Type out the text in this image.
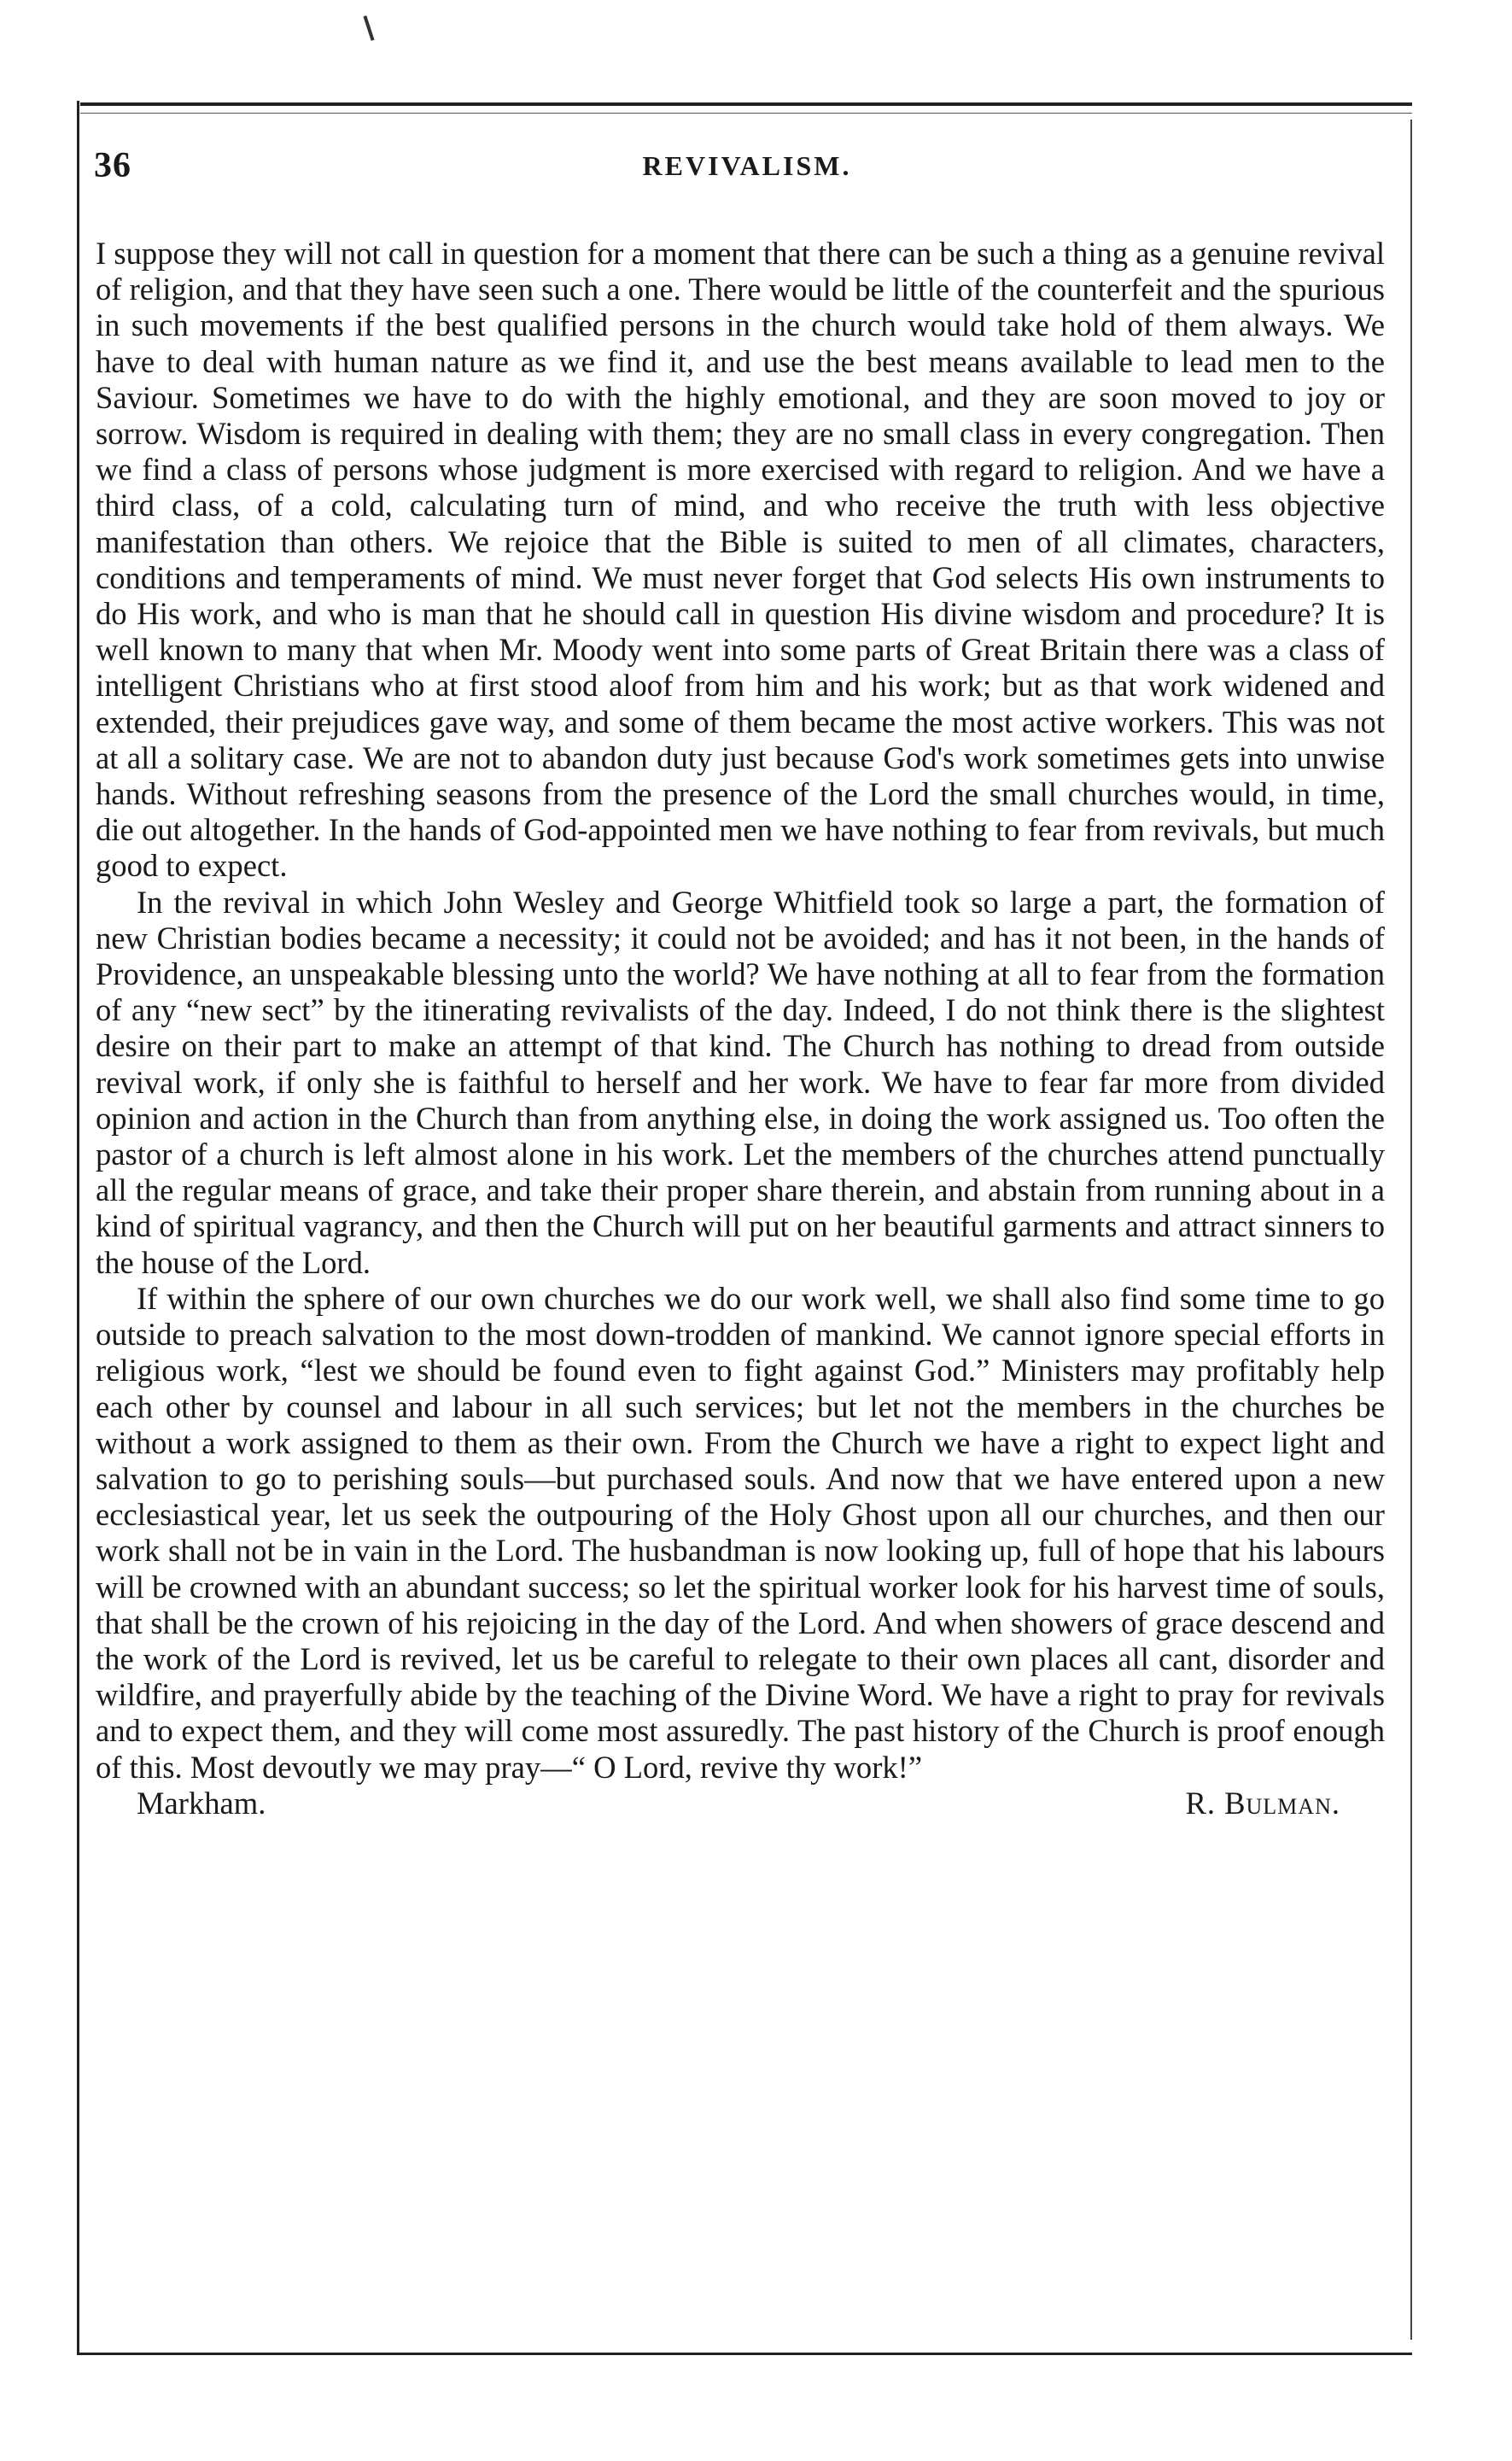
36	REVIVALISM.

I suppose they will not call in question for a moment that there can be such a thing as a genuine revival of religion, and that they have seen such a one. There would be little of the counterfeit and the spurious in such movements if the best qualified persons in the church would take hold of them always. We have to deal with human nature as we find it, and use the best means available to lead men to the Saviour. Sometimes we have to do with the highly emotional, and they are soon moved to joy or sorrow. Wisdom is required in dealing with them; they are no small class in every congregation. Then we find a class of persons whose judgment is more exercised with regard to religion. And we have a third class, of a cold, calculating turn of mind, and who receive the truth with less objective manifestation than others. We rejoice that the Bible is suited to men of all climates, characters, conditions and temperaments of mind. We must never forget that God selects His own instruments to do His work, and who is man that he should call in question His divine wisdom and procedure? It is well known to many that when Mr. Moody went into some parts of Great Britain there was a class of intelligent Christians who at first stood aloof from him and his work; but as that work widened and extended, their prejudices gave way, and some of them became the most active workers. This was not at all a solitary case. We are not to abandon duty just because God's work sometimes gets into unwise hands. Without refreshing seasons from the presence of the Lord the small churches would, in time, die out altogether. In the hands of God-appointed men we have nothing to fear from revivals, but much good to expect.

In the revival in which John Wesley and George Whitfield took so large a part, the formation of new Christian bodies became a necessity; it could not be avoided; and has it not been, in the hands of Providence, an unspeakable blessing unto the world? We have nothing at all to fear from the formation of any “new sect” by the itinerating revivalists of the day. Indeed, I do not think there is the slightest desire on their part to make an attempt of that kind. The Church has nothing to dread from outside revival work, if only she is faithful to herself and her work. We have to fear far more from divided opinion and action in the Church than from anything else, in doing the work assigned us. Too often the pastor of a church is left almost alone in his work. Let the members of the churches attend punctually all the regular means of grace, and take their proper share therein, and abstain from running about in a kind of spiritual vagrancy, and then the Church will put on her beautiful garments and attract sinners to the house of the Lord.

If within the sphere of our own churches we do our work well, we shall also find some time to go outside to preach salvation to the most down-trodden of mankind. We cannot ignore special efforts in religious work, “lest we should be found even to fight against God.” Ministers may profitably help each other by counsel and labour in all such services; but let not the members in the churches be without a work assigned to them as their own. From the Church we have a right to expect light and salvation to go to perishing souls—but purchased souls. And now that we have entered upon a new ecclesiastical year, let us seek the outpouring of the Holy Ghost upon all our churches, and then our work shall not be in vain in the Lord. The husbandman is now looking up, full of hope that his labours will be crowned with an abundant success; so let the spiritual worker look for his harvest time of souls, that shall be the crown of his rejoicing in the day of the Lord. And when showers of grace descend and the work of the Lord is revived, let us be careful to relegate to their own places all cant, disorder and wildfire, and prayerfully abide by the teaching of the Divine Word. We have a right to pray for revivals and to expect them, and they will come most assuredly. The past history of the Church is proof enough of this. Most devoutly we may pray—“ O Lord, revive thy work!”

Markham.	R. Bulman.
